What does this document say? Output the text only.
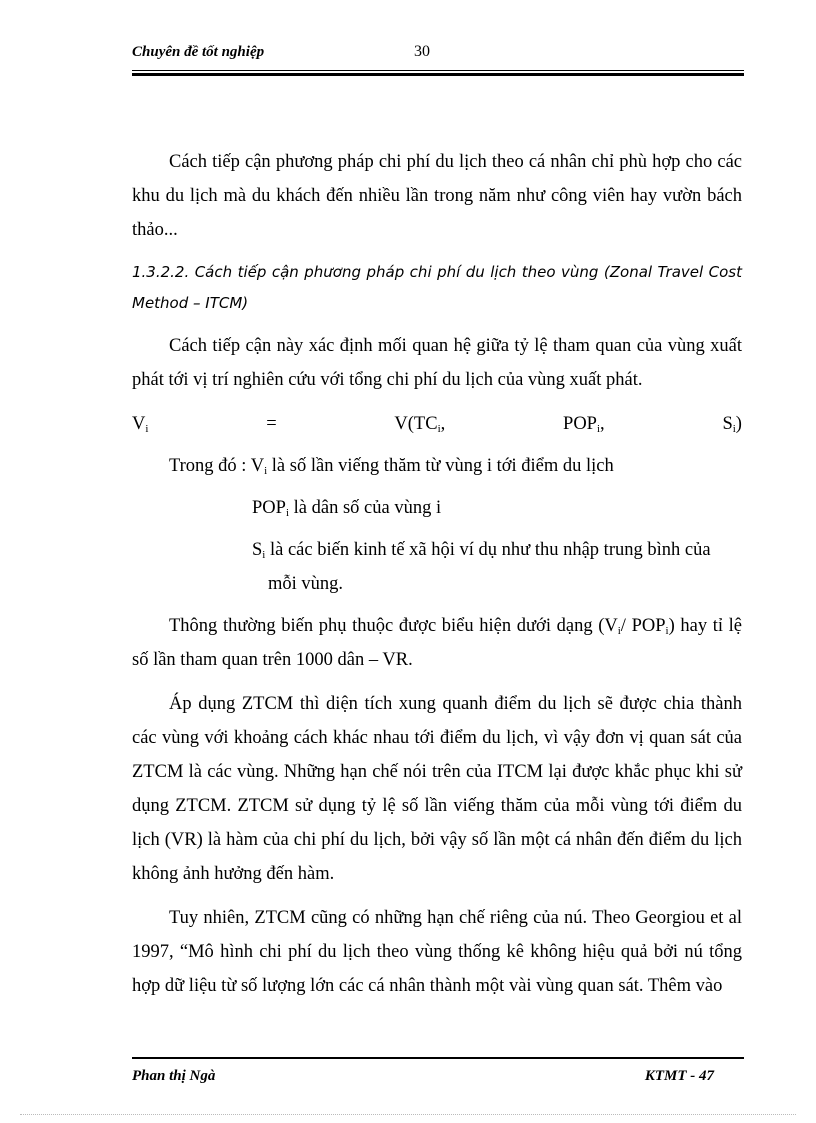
Chuyên đề tốt nghiệp	30

Cách tiếp cận phương pháp chi phí du lịch theo cá nhân chỉ phù hợp cho các khu du lịch mà du khách đến nhiều lần trong năm như công viên hay vườn bách thảo...

1.3.2.2. Cách tiếp cận phương pháp chi phí du lịch theo vùng (Zonal Travel Cost Method – ITCM)

Cách tiếp cận này xác định mối quan hệ giữa tỷ lệ tham quan của vùng xuất phát tới vị trí nghiên cứu với tổng chi phí du lịch của vùng xuất phát.

$V_i$	=	$V(TC_i$,	$POP_i$,	$S_i$)
Trong đó : $V_i$ là số lần viếng thăm từ vùng i tới điểm du lịch
$POP_i$ là dân số của vùng i
$S_i$ là các biến kinh tế xã hội ví dụ như thu nhập trung bình của
mỗi vùng.

Thông thường biến phụ thuộc được biểu hiện dưới dạng ($V_i/$ $POP_i$) hay tỉ lệ số lần tham quan trên 1000 dân – VR.

Áp dụng ZTCM thì diện tích xung quanh điểm du lịch sẽ được chia thành các vùng với khoảng cách khác nhau tới điểm du lịch, vì vậy đơn vị quan sát của ZTCM là các vùng. Những hạn chế nói trên của ITCM lại được khắc phục khi sử dụng ZTCM. ZTCM sử dụng tỷ lệ số lần viếng thăm của mỗi vùng tới điểm du lịch (VR) là hàm của chi phí du lịch, bởi vậy số lần một cá nhân đến điểm du lịch không ảnh hưởng đến hàm.

Tuy nhiên, ZTCM cũng có những hạn chế riêng của nú. Theo Georgiou et al 1997, “Mô hình chi phí du lịch theo vùng thống kê không hiệu quả bởi nú tổng hợp dữ liệu từ số lượng lớn các cá nhân thành một vài vùng quan sát. Thêm vào

Phan thị Ngà	KTMT - 47
